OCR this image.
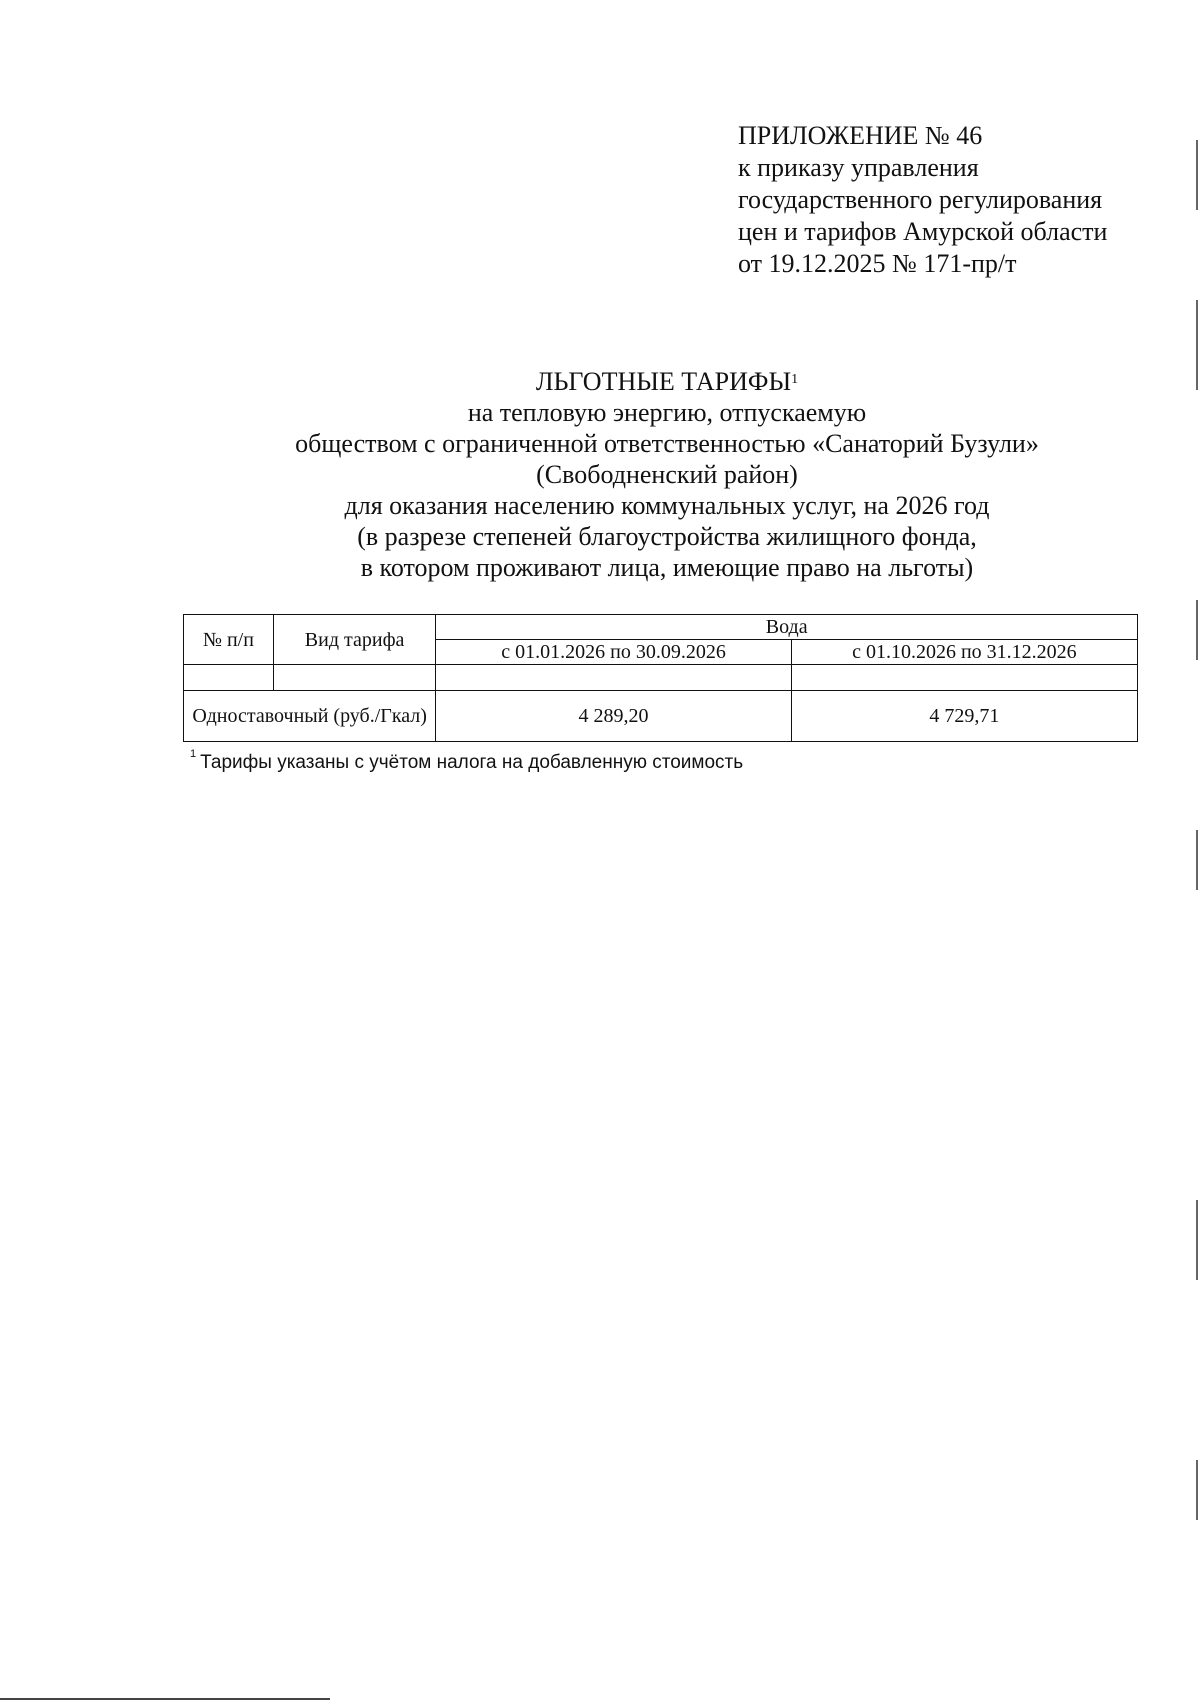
ПРИЛОЖЕНИЕ № 46
к приказу управления
государственного регулирования
цен и тарифов Амурской области
от 19.12.2025 № 171-пр/т
ЛЬГОТНЫЕ ТАРИФЫ$^1$
на тепловую энергию, отпускаемую
обществом с ограниченной ответственностью «Санаторий Бузули»
(Свободненский район)
для оказания населению коммунальных услуг, на 2026 год
(в разрезе степеней благоустройства жилищного фонда,
в котором проживают лица, имеющие право на льготы)
№ п/п	Вид тарифа	Вода	
		с 01.01.2026 по 30.09.2026	с 01.10.2026 по 31.12.2026

Одноставочный (руб./Гкал)		4 289,20	4 729,71
$^1$ Тарифы указаны с учётом налога на добавленную стоимость
